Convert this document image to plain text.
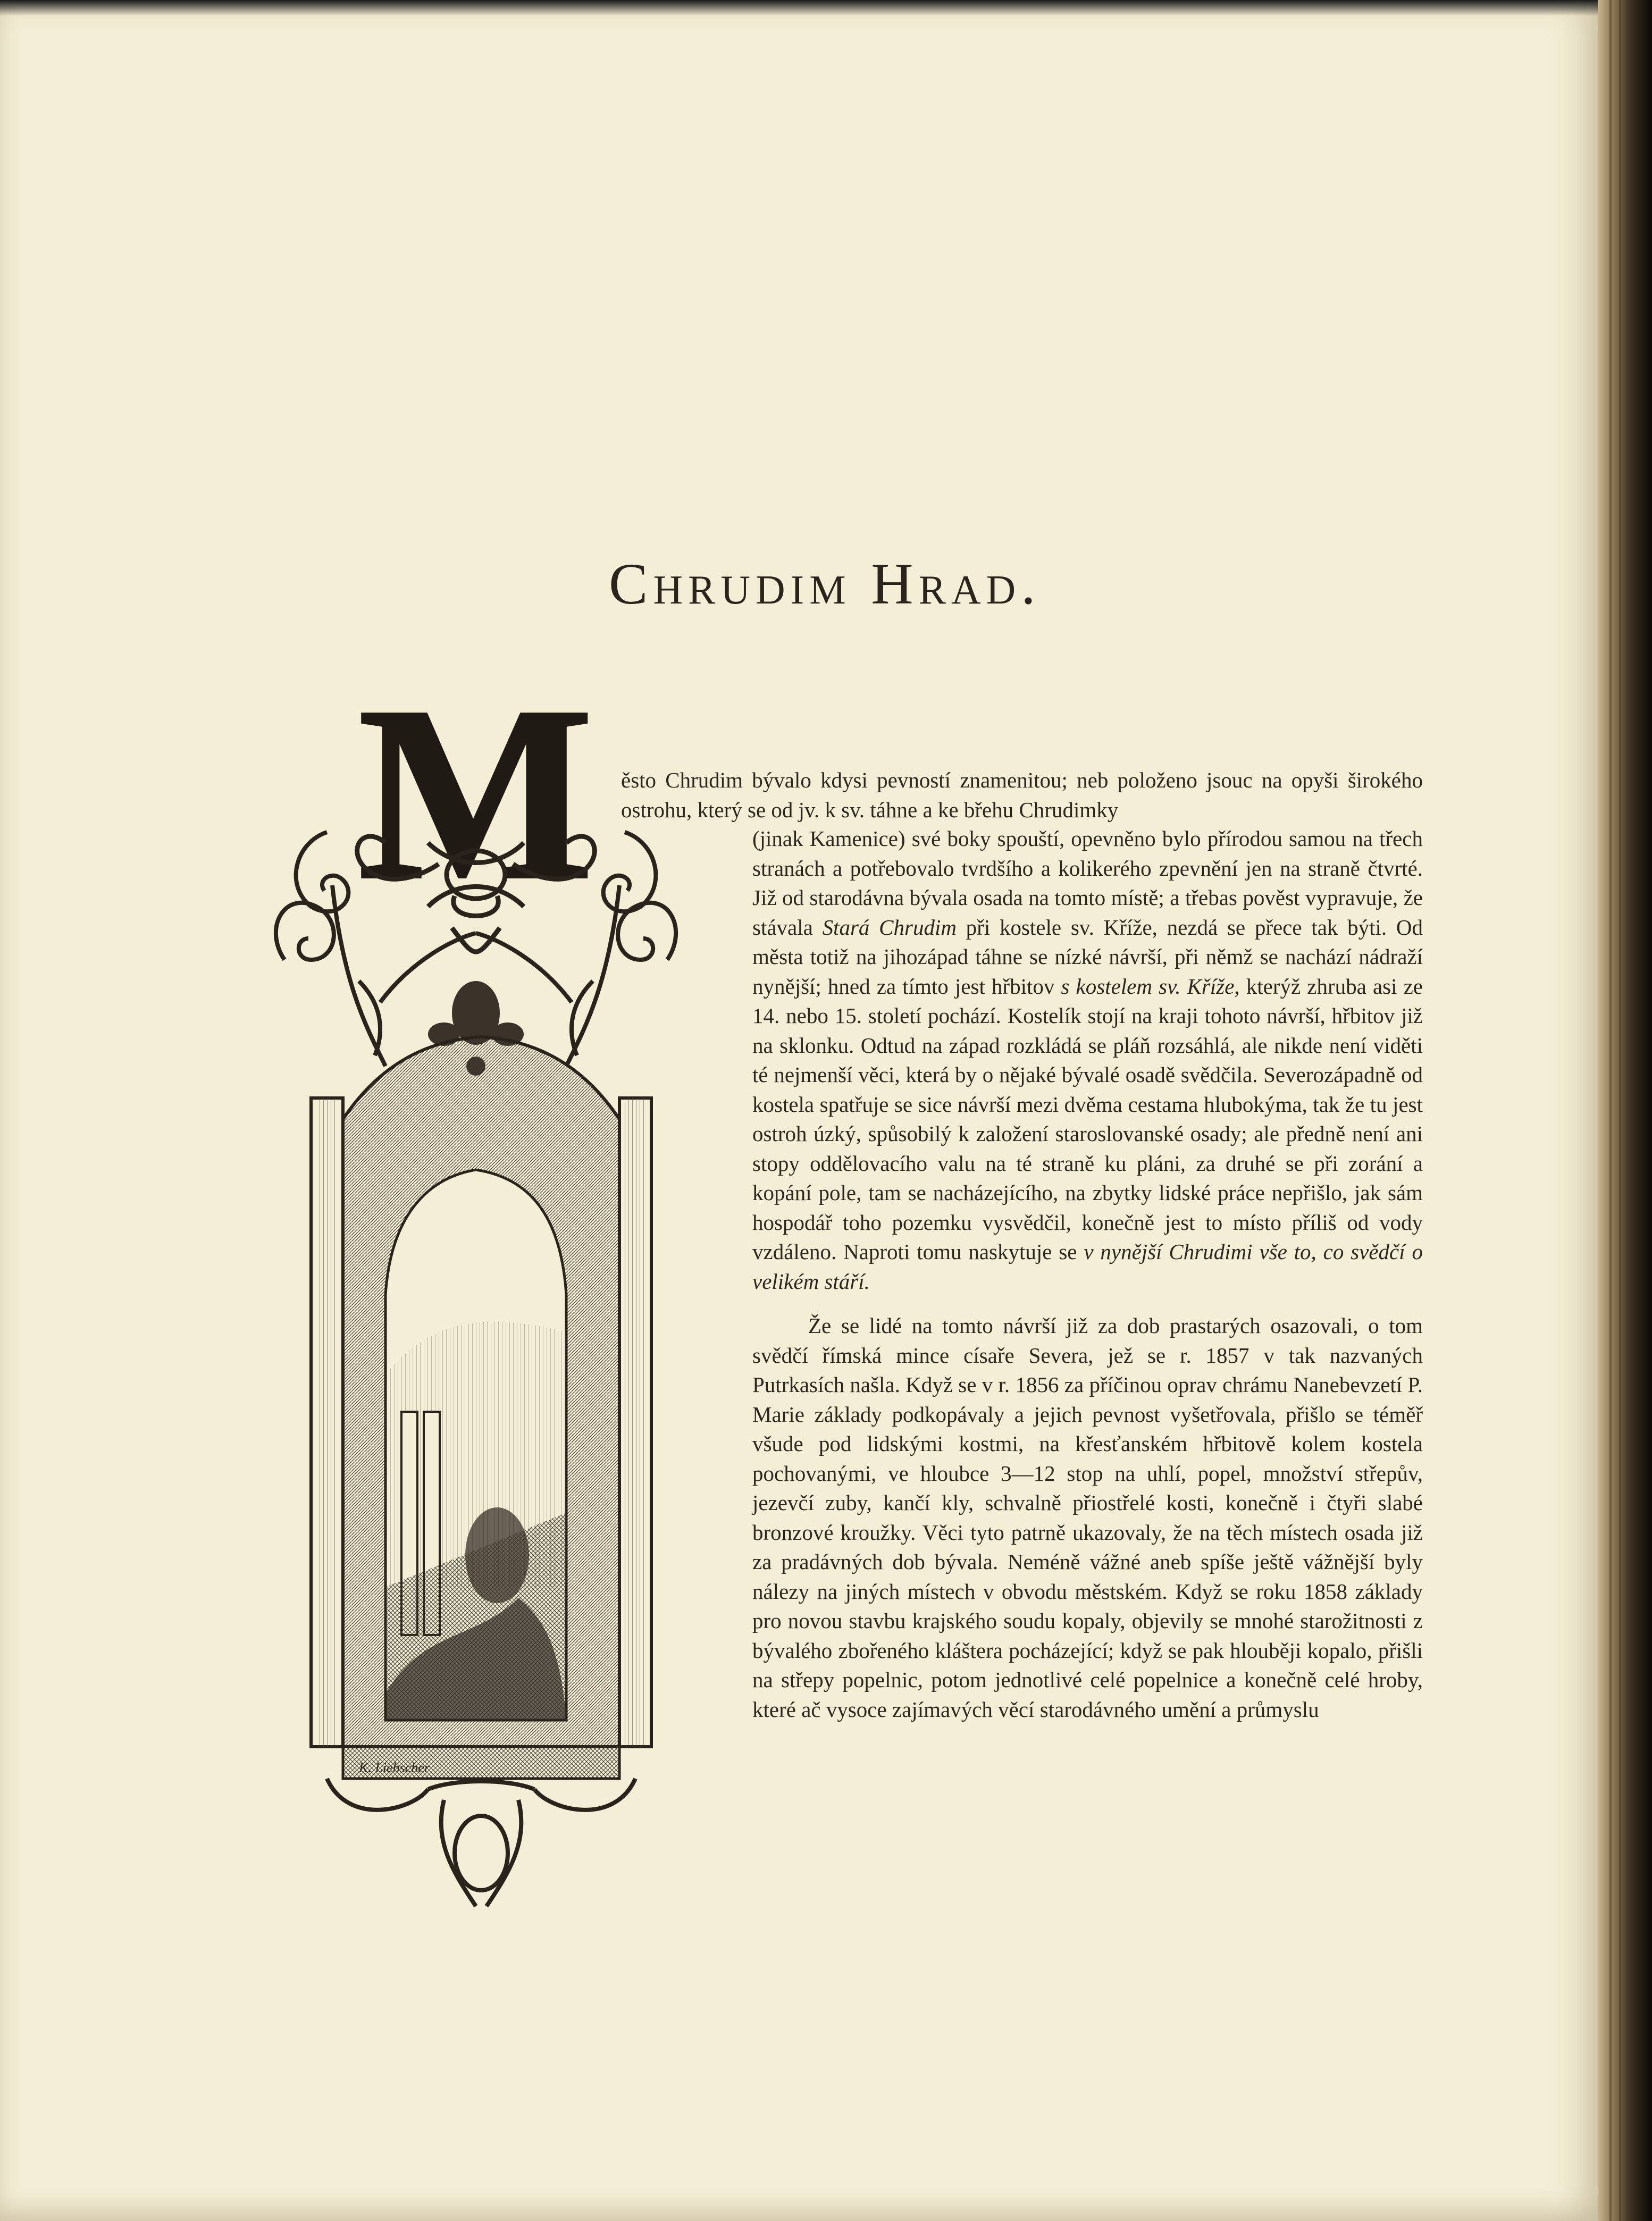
Chrudim Hrad.
M
K. Liebscher

ěsto Chrudim bývalo kdysi pevností znamenitou; neb položeno jsouc na opyši širokého ostrohu, který se od jv. k sv. táhne a ke břehu Chrudimky

(jinak Kamenice) své boky spouští, opevněno bylo přírodou samou na třech stranách a potřebovalo tvrdšího a kolikerého zpevnění jen na straně čtvrté. Již od starodávna bývala osada na tomto místě; a třebas pověst vypravuje, že stávala Stará Chrudim při kostele sv. Kříže, nezdá se přece tak býti. Od města totiž na jihozápad táhne se nízké návrší, při němž se nachází nádraží nynější; hned za tímto jest hřbitov s kostelem sv. Kříže, kterýž zhruba asi ze 14. nebo 15. století pochází. Kostelík stojí na kraji tohoto návrší, hřbitov již na sklonku. Odtud na západ rozkládá se pláň rozsáhlá, ale nikde není viděti té nejmenší věci, která by o nějaké bývalé osadě svědčila. Severozápadně od kostela spatřuje se sice návrší mezi dvěma cestama hlubokýma, tak že tu jest ostroh úzký, spůsobilý k založení staroslovanské osady; ale předně není ani stopy oddělovacího valu na té straně ku pláni, za druhé se při zorání a kopání pole, tam se nacházejícího, na zbytky lidské práce nepřišlo, jak sám hospodář toho pozemku vysvědčil, konečně jest to místo příliš od vody vzdáleno. Naproti tomu naskytuje se v nynější Chrudimi vše to, co svědčí o velikém stáří.

Že se lidé na tomto návrší již za dob prastarých osazovali, o tom svědčí římská mince císaře Severa, jež se r. 1857 v tak nazvaných Putrkasích našla. Když se v r. 1856 za příčinou oprav chrámu Nanebevzetí P. Marie základy podkopávaly a jejich pevnost vyšetřovala, přišlo se téměř všude pod lidskými kostmi, na křesťanském hřbitově kolem kostela pochovanými, ve hloubce 3—12 stop na uhlí, popel, množství střepův, jezevčí zuby, kančí kly, schvalně přiostřelé kosti, konečně i čtyři slabé bronzové kroužky. Věci tyto patrně ukazovaly, že na těch místech osada již za pradávných dob bývala. Neméně vážné aneb spíše ještě vážnější byly nálezy na jiných místech v obvodu městském. Když se roku 1858 základy pro novou stavbu krajského soudu kopaly, objevily se mnohé starožitnosti z bývalého zbořeného kláštera pocházející; když se pak hlouběji kopalo, přišli na střepy popelnic, potom jednotlivé celé popelnice a konečně celé hroby, které ač vysoce zajímavých věcí starodávného umění a průmyslu
